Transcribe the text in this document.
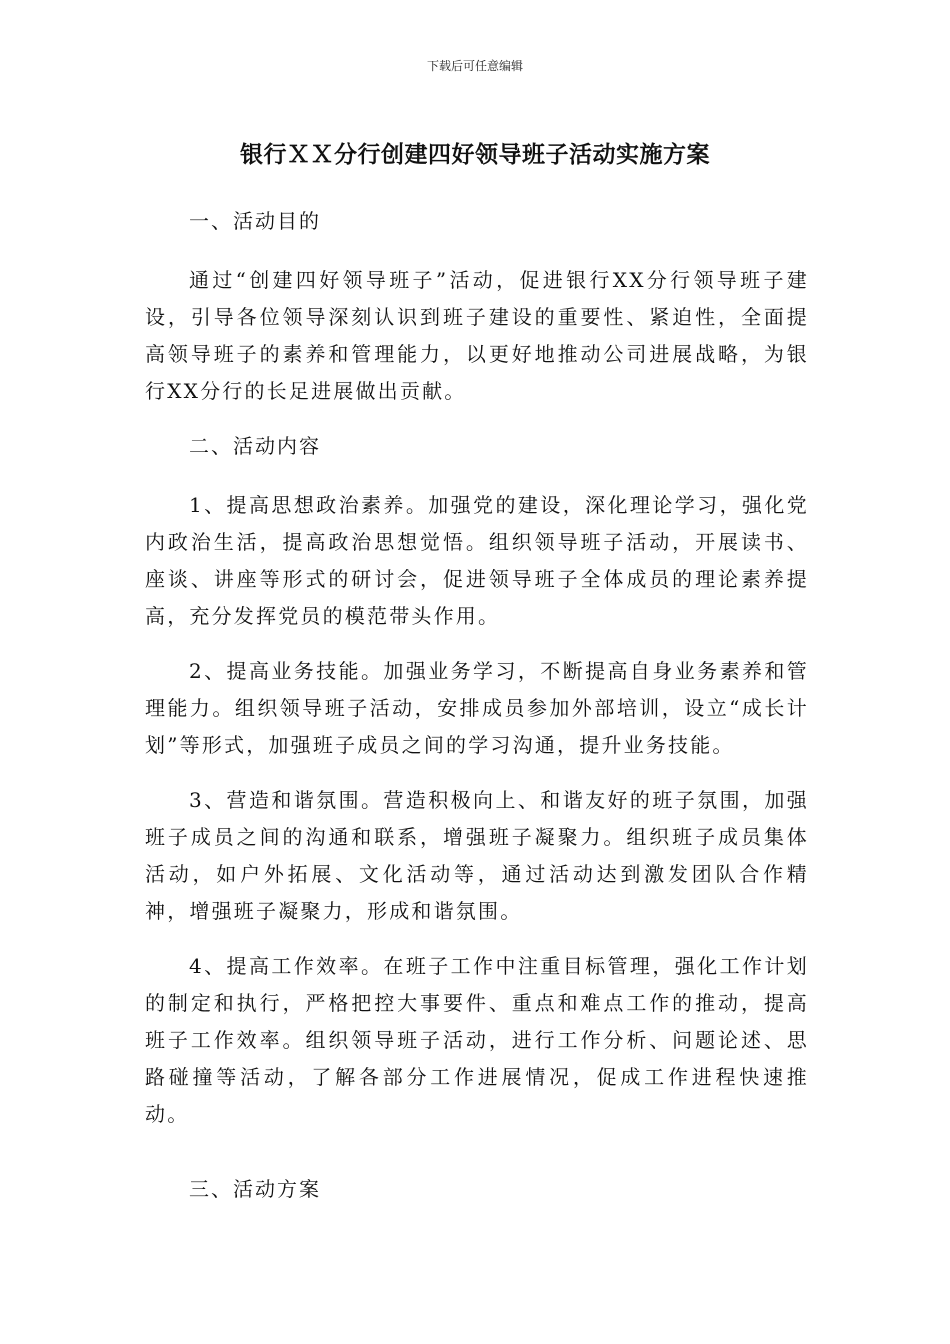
下载后可任意编辑
银行ＸＸ分行创建四好领导班子活动实施方案

一、活动目的

通过“创建四好领导班子”活动，促进银行XX分行领导班子建设，引导各位领导深刻认识到班子建设的重要性、紧迫性，全面提高领导班子的素养和管理能力，以更好地推动公司进展战略，为银行XX分行的长足进展做出贡献。

二、活动内容

1、提高思想政治素养。加强党的建设，深化理论学习，强化党内政治生活，提高政治思想觉悟。组织领导班子活动，开展读书、座谈、讲座等形式的研讨会，促进领导班子全体成员的理论素养提高，充分发挥党员的模范带头作用。

2、提高业务技能。加强业务学习，不断提高自身业务素养和管理能力。组织领导班子活动，安排成员参加外部培训，设立“成长计划”等形式，加强班子成员之间的学习沟通，提升业务技能。

3、营造和谐氛围。营造积极向上、和谐友好的班子氛围，加强班子成员之间的沟通和联系，增强班子凝聚力。组织班子成员集体活动，如户外拓展、文化活动等，通过活动达到激发团队合作精神，增强班子凝聚力，形成和谐氛围。

4、提高工作效率。在班子工作中注重目标管理，强化工作计划的制定和执行，严格把控大事要件、重点和难点工作的推动，提高班子工作效率。组织领导班子活动，进行工作分析、问题论述、思路碰撞等活动，了解各部分工作进展情况，促成工作进程快速推动。

三、活动方案
